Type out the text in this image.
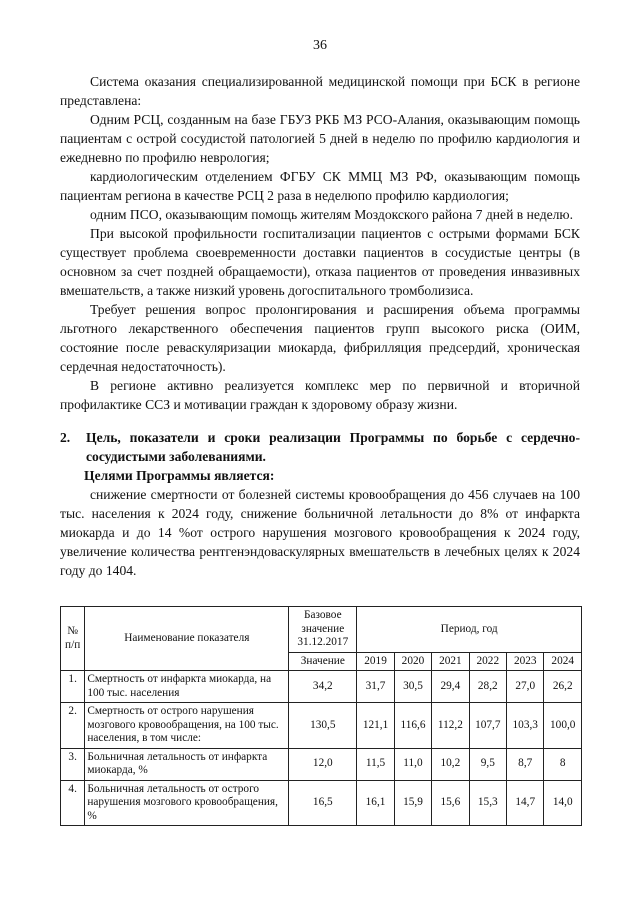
36

Система оказания специализированной медицинской помощи при БСК в регионе представлена:

Одним РСЦ, созданным на базе ГБУЗ РКБ МЗ РСО-Алания, оказывающим помощь пациентам с острой сосудистой патологией 5 дней в неделю по профилю кардиология и ежедневно по профилю неврология;

кардиологическим отделением ФГБУ СК ММЦ МЗ РФ, оказывающим помощь пациентам региона в качестве РСЦ 2 раза в неделюпо профилю кардиология;

одним ПСО, оказывающим помощь жителям Моздокского района 7 дней в неделю.

При высокой профильности госпитализации пациентов с острыми формами БСК существует проблема своевременности доставки пациентов в сосудистые центры (в основном за счет поздней обращаемости), отказа пациентов от проведения инвазивных вмешательств, а также низкий уровень догоспитального тромболизиса.

Требует решения вопрос пролонгирования и расширения объема программы льготного лекарственного обеспечения пациентов групп высокого риска (ОИМ, состояние после реваскуляризации миокарда, фибрилляция предсердий, хроническая сердечная недостаточность).

В регионе активно реализуется комплекс мер по первичной и вторичной профилактике ССЗ и мотивации граждан к здоровому образу жизни.

2.	Цель, показатели и сроки реализации Программы по борьбе с сердечно-сосудистыми заболеваниями.

Целями Программы является:

снижение смертности от болезней системы кровообращения до 456 случаев на 100 тыс. населения к 2024 году, снижение больничной летальности до 8% от инфаркта миокарда и до 14 %от острого нарушения мозгового кровообращения к 2024 году, увеличение количества рентгенэндоваскулярных вмешательств в лечебных целях к 2024 году до 1404.

№ п/п	Наименование показателя	Базовое значение 31.12.2017	Период, год					
		Значение	2019	2020	2021	2022	2023	2024
1.	Смертность от инфаркта миокарда, на 100 тыс. населения	34,2	31,7	30,5	29,4	28,2	27,0	26,2
2.	Смертность от острого нарушения мозгового кровообращения, на 100 тыс. населения, в том числе:	130,5	121,1	116,6	112,2	107,7	103,3	100,0
3.	Больничная летальность от инфаркта миокарда, %	12,0	11,5	11,0	10,2	9,5	8,7	8
4.	Больничная летальность от острого нарушения мозгового кровообращения, %	16,5	16,1	15,9	15,6	15,3	14,7	14,0
